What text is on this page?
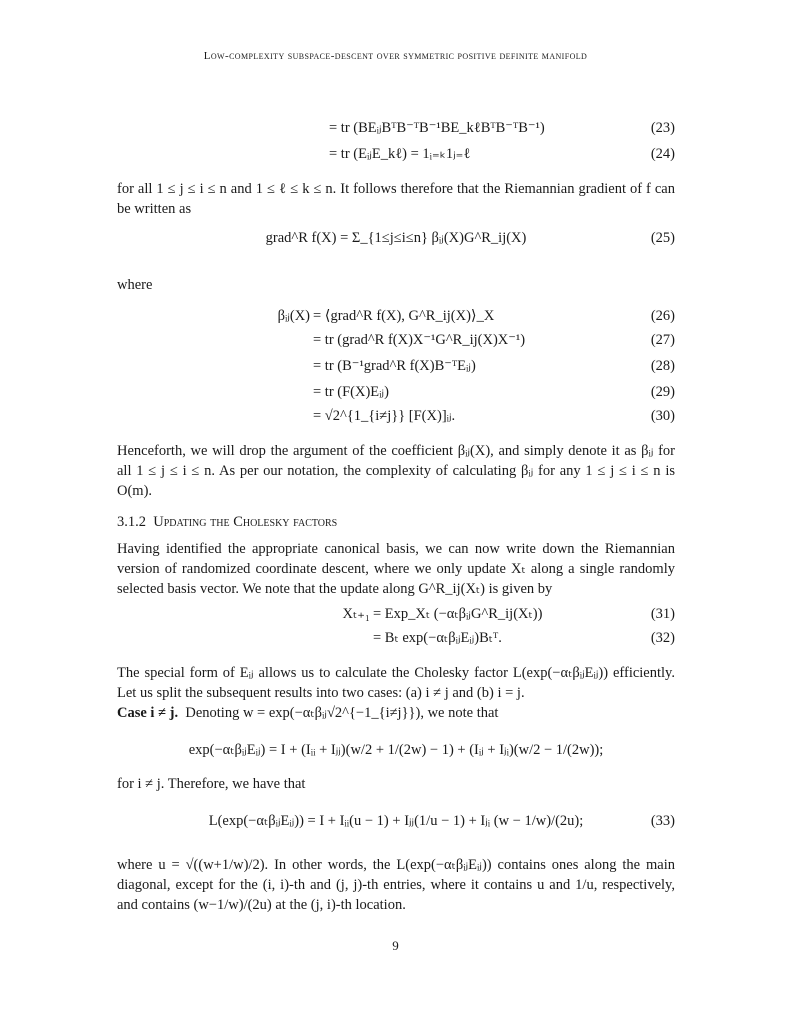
Low-complexity subspace-descent over symmetric positive definite manifold
= tr (BEᵢⱼBᵀB⁻ᵀB⁻¹BE_kℓBᵀB⁻ᵀB⁻¹)	(23)
= tr (EᵢⱼE_kℓ) = 1ᵢ₌ₖ1ⱼ₌ℓ	(24)
for all 1 ≤ j ≤ i ≤ n and 1 ≤ ℓ ≤ k ≤ n. It follows therefore that the Riemannian gradient of f can be written as
grad^R f(X) = Σ_{1≤j≤i≤n} βᵢⱼ(X)G^R_ij(X)	(25)
where
βᵢⱼ(X) = ⟨grad^R f(X), G^R_ij(X)⟩_X	(26)
= tr (grad^R f(X)X⁻¹G^R_ij(X)X⁻¹)	(27)
= tr (B⁻¹grad^R f(X)B⁻ᵀEᵢⱼ)	(28)
= tr (F(X)Eᵢⱼ)	(29)
= √2^{1_{i≠j}} [F(X)]ᵢⱼ.	(30)
Henceforth, we will drop the argument of the coefficient βᵢⱼ(X), and simply denote it as βᵢⱼ for all 1 ≤ j ≤ i ≤ n. As per our notation, the complexity of calculating βᵢⱼ for any 1 ≤ j ≤ i ≤ n is O(m).
3.1.2 Updating the Cholesky factors
Having identified the appropriate canonical basis, we can now write down the Riemannian version of randomized coordinate descent, where we only update Xₜ along a single randomly selected basis vector. We note that the update along G^R_ij(Xₜ) is given by
Xₜ₊₁ = Exp_Xₜ (−αₜβᵢⱼG^R_ij(Xₜ))	(31)
= Bₜ exp(−αₜβᵢⱼEᵢⱼ)Bₜᵀ.	(32)
The special form of Eᵢⱼ allows us to calculate the Cholesky factor L(exp(−αₜβᵢⱼEᵢⱼ)) efficiently. Let us split the subsequent results into two cases: (a) i ≠ j and (b) i = j.
Case i ≠ j. Denoting w = exp(−αₜβᵢⱼ√2^{−1_{i≠j}}), we note that
exp(−αₜβᵢⱼEᵢⱼ) = I + (Iᵢᵢ + Iⱼⱼ)(w/2 + 1/(2w) − 1) + (Iᵢⱼ + Iⱼᵢ)(w/2 − 1/(2w));
for i ≠ j. Therefore, we have that
L(exp(−αₜβᵢⱼEᵢⱼ)) = I + Iᵢᵢ(u − 1) + Iⱼⱼ(1/u − 1) + Iⱼᵢ (w − 1/w)/(2u);	(33)
where u = √((w+1/w)/2). In other words, the L(exp(−αₜβᵢⱼEᵢⱼ)) contains ones along the main diagonal, except for the (i, i)-th and (j, j)-th entries, where it contains u and 1/u, respectively, and contains (w−1/w)/(2u) at the (j, i)-th location.
9
